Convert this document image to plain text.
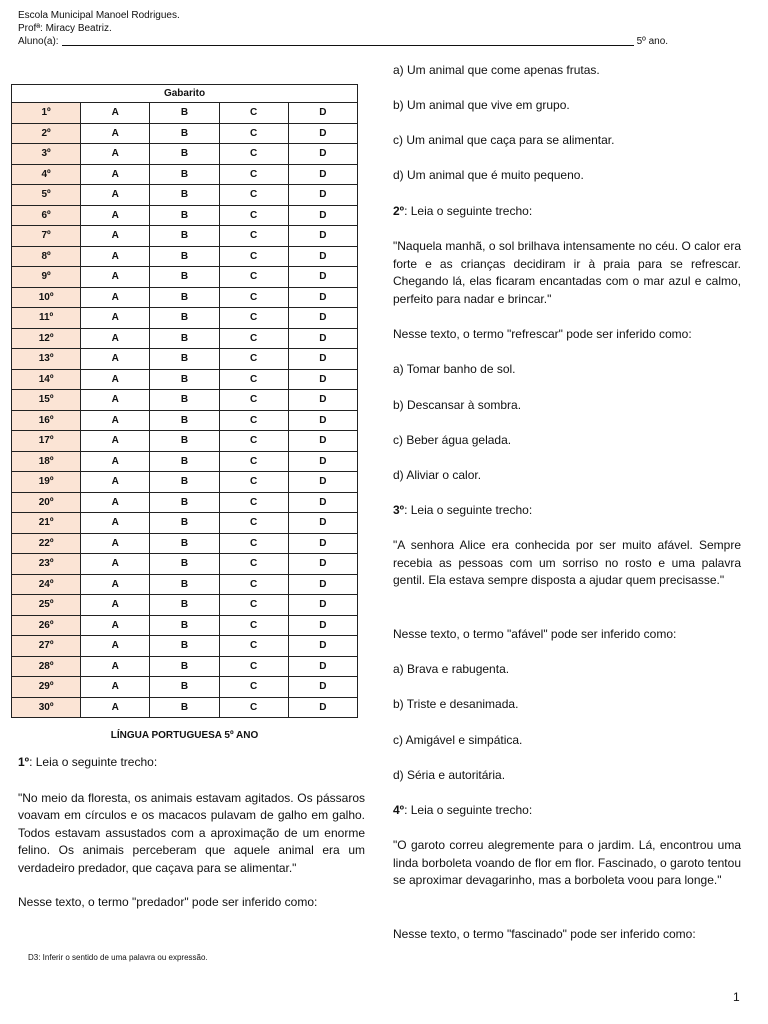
Escola Municipal Manoel Rodrigues.
Profª: Miracy Beatriz.
Aluno(a):	5º ano.
Gabarito				
1º	A	B	C	D
2º	A	B	C	D
3º	A	B	C	D
4º	A	B	C	D
5º	A	B	C	D
6º	A	B	C	D
7º	A	B	C	D
8º	A	B	C	D
9º	A	B	C	D
10º	A	B	C	D
11º	A	B	C	D
12º	A	B	C	D
13º	A	B	C	D
14º	A	B	C	D
15º	A	B	C	D
16º	A	B	C	D
17º	A	B	C	D
18º	A	B	C	D
19º	A	B	C	D
20º	A	B	C	D
21º	A	B	C	D
22º	A	B	C	D
23º	A	B	C	D
24º	A	B	C	D
25º	A	B	C	D
26º	A	B	C	D
27º	A	B	C	D
28º	A	B	C	D
29º	A	B	C	D
30º	A	B	C	D
LÍNGUA PORTUGUESA 5º ANO
1º: Leia o seguinte trecho:
"No meio da floresta, os animais estavam agitados. Os pássaros voavam em círculos e os macacos pulavam de galho em galho. Todos estavam assustados com a aproximação de um enorme felino. Os animais perceberam que aquele animal era um verdadeiro predador, que caçava para se alimentar."
Nesse texto, o termo "predador" pode ser inferido como:
D3: Inferir o sentido de uma palavra ou expressão.
a) Um animal que come apenas frutas.
b) Um animal que vive em grupo.
c) Um animal que caça para se alimentar.
d) Um animal que é muito pequeno.
2º: Leia o seguinte trecho:
"Naquela manhã, o sol brilhava intensamente no céu. O calor era forte e as crianças decidiram ir à praia para se refrescar. Chegando lá, elas ficaram encantadas com o mar azul e calmo, perfeito para nadar e brincar."
Nesse texto, o termo "refrescar" pode ser inferido como:
a) Tomar banho de sol.
b) Descansar à sombra.
c) Beber água gelada.
d) Aliviar o calor.
3º: Leia o seguinte trecho:
"A senhora Alice era conhecida por ser muito afável. Sempre recebia as pessoas com um sorriso no rosto e uma palavra gentil. Ela estava sempre disposta a ajudar quem precisasse."
Nesse texto, o termo "afável" pode ser inferido como:
a) Brava e rabugenta.
b) Triste e desanimada.
c) Amigável e simpática.
d) Séria e autoritária.
4º: Leia o seguinte trecho:
"O garoto correu alegremente para o jardim. Lá, encontrou uma linda borboleta voando de flor em flor. Fascinado, o garoto tentou se aproximar devagarinho, mas a borboleta voou para longe."
Nesse texto, o termo "fascinado" pode ser inferido como:
1
